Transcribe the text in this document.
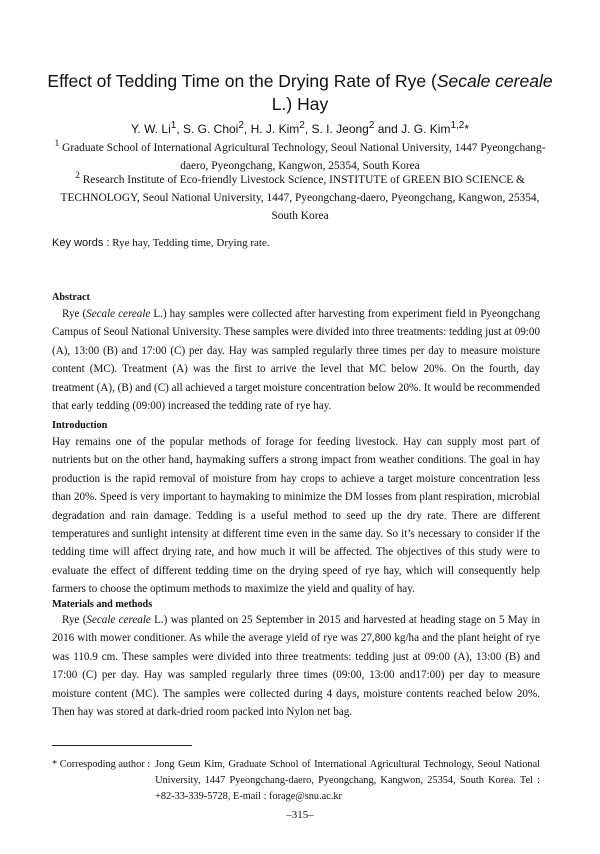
Effect of Tedding Time on the Drying Rate of Rye (Secale cereale L.) Hay
Y. W. Li$^1$, S. G. Choi$^2$, H. J. Kim$^2$, S. I. Jeong$^2$ and J. G. Kim$^{1,2}$*
$^1$ Graduate School of International Agricultural Technology, Seoul National University, 1447 Pyeongchang-daero, Pyeongchang, Kangwon, 25354, South Korea
$^2$ Research Institute of Eco-friendly Livestock Science, INSTITUTE of GREEN BIO SCIENCE & TECHNOLOGY, Seoul National University, 1447, Pyeongchang-daero, Pyeongchang, Kangwon, 25354, South Korea
Key words : Rye hay, Tedding time, Drying rate.
Abstract
Rye (Secale cereale L.) hay samples were collected after harvesting from experiment field in Pyeongchang Campus of Seoul National University. These samples were divided into three treatments: tedding just at 09:00 (A), 13:00 (B) and 17:00 (C) per day. Hay was sampled regularly three times per day to measure moisture content (MC). Treatment (A) was the first to arrive the level that MC below 20%. On the fourth, day treatment (A), (B) and (C) all achieved a target moisture concentration below 20%. It would be recommended that early tedding (09:00) increased the tedding rate of rye hay.
Introduction
Hay remains one of the popular methods of forage for feeding livestock. Hay can supply most part of nutrients but on the other hand, haymaking suffers a strong impact from weather conditions. The goal in hay production is the rapid removal of moisture from hay crops to achieve a target moisture concentration less than 20%. Speed is very important to haymaking to minimize the DM losses from plant respiration, microbial degradation and rain damage. Tedding is a useful method to seed up the dry rate. There are different temperatures and sunlight intensity at different time even in the same day. So it’s necessary to consider if the tedding time will affect drying rate, and how much it will be affected. The objectives of this study were to evaluate the effect of different tedding time on the drying speed of rye hay, which will consequently help farmers to choose the optimum methods to maximize the yield and quality of hay.
Materials and methods
Rye (Secale cereale L.) was planted on 25 September in 2015 and harvested at heading stage on 5 May in 2016 with mower conditioner. As while the average yield of rye was 27,800 kg/ha and the plant height of rye was 110.9 cm. These samples were divided into three treatments: tedding just at 09:00 (A), 13:00 (B) and 17:00 (C) per day. Hay was sampled regularly three times (09:00, 13:00 and17:00) per day to measure moisture content (MC). The samples were collected during 4 days, moisture contents reached below 20%. Then hay was stored at dark-dried room packed into Nylon net bag.
* Correspoding author : Jong Geun Kim, Graduate School of International Agricultural Technology, Seoul National University, 1447 Pyeongchang-daero, Pyeongchang, Kangwon, 25354, South Korea. Tel : +82-33-339-5728, E-mail : forage@snu.ac.kr
–315–
